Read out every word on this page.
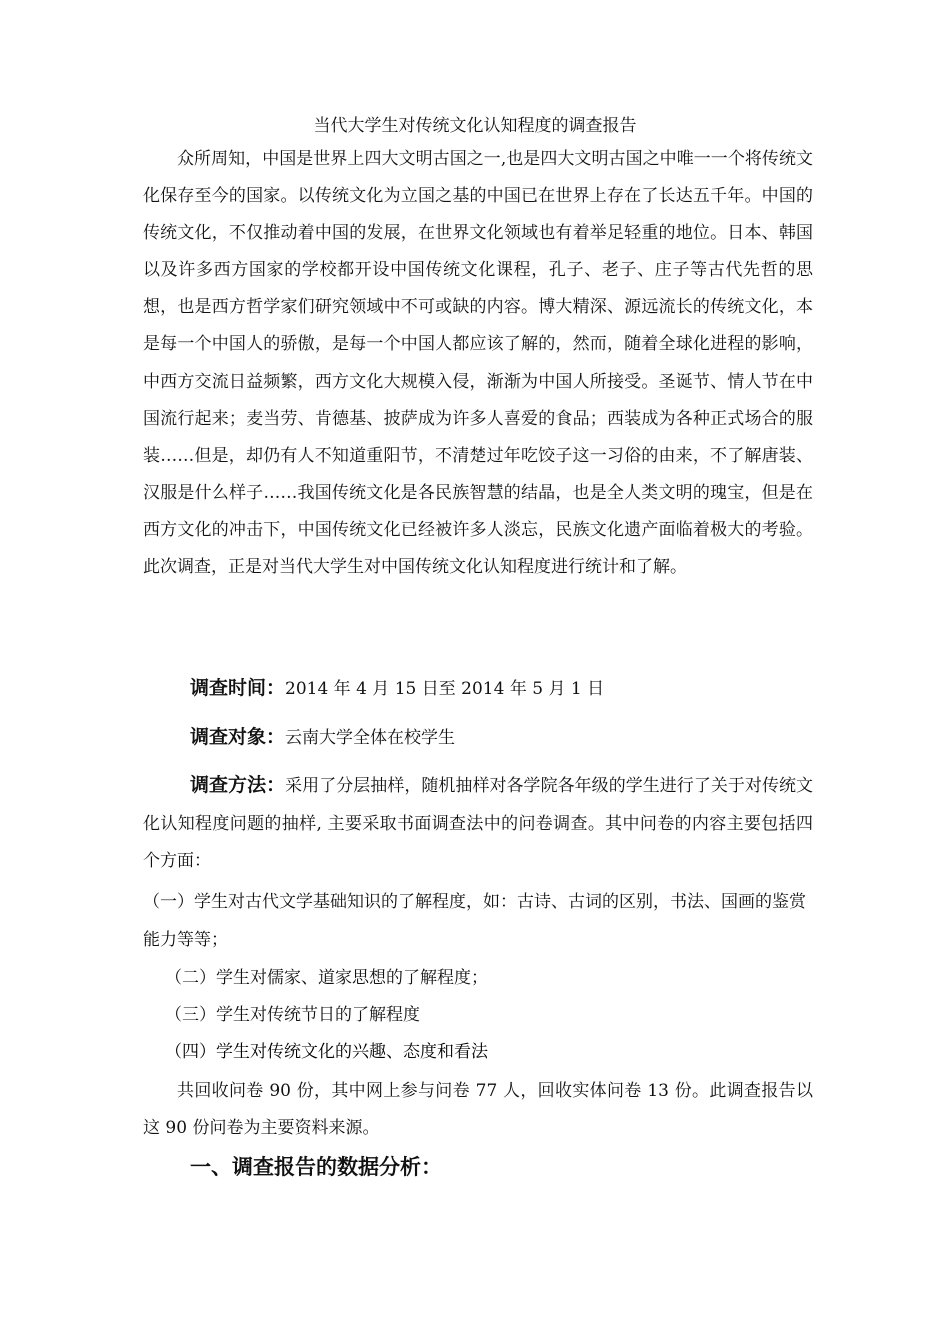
当代大学生对传统文化认知程度的调查报告

众所周知，中国是世界上四大文明古国之一,也是四大文明古国之中唯一一个将传统文化保存至今的国家。以传统文化为立国之基的中国已在世界上存在了长达五千年。中国的传统文化，不仅推动着中国的发展，在世界文化领域也有着举足轻重的地位。日本、韩国以及许多西方国家的学校都开设中国传统文化课程，孔子、老子、庄子等古代先哲的思想，也是西方哲学家们研究领域中不可或缺的内容。博大精深、源远流长的传统文化，本是每一个中国人的骄傲，是每一个中国人都应该了解的，然而，随着全球化进程的影响，中西方交流日益频繁，西方文化大规模入侵，渐渐为中国人所接受。圣诞节、情人节在中国流行起来；麦当劳、肯德基、披萨成为许多人喜爱的食品；西装成为各种正式场合的服装……但是，却仍有人不知道重阳节，不清楚过年吃饺子这一习俗的由来，不了解唐装、汉服是什么样子……我国传统文化是各民族智慧的结晶，也是全人类文明的瑰宝，但是在西方文化的冲击下，中国传统文化已经被许多人淡忘，民族文化遗产面临着极大的考验。此次调查，正是对当代大学生对中国传统文化认知程度进行统计和了解。

调查时间：2014 年 4 月 15 日至 2014 年 5 月 1 日

调查对象：云南大学全体在校学生

调查方法：采用了分层抽样，随机抽样对各学院各年级的学生进行了关于对传统文化认知程度问题的抽样, 主要采取书面调查法中的问卷调查。其中问卷的内容主要包括四个方面：

（一）学生对古代文学基础知识的了解程度，如：古诗、古词的区别，书法、国画的鉴赏能力等等；

（二）学生对儒家、道家思想的了解程度；

（三）学生对传统节日的了解程度

共回收问卷 90 份，其中网上参与问卷 77 人，回收实体问卷 13 份。此调查报告以这 90 份问卷为主要资料来源。

一、调查报告的数据分析：

（四）学生对传统文化的兴趣、态度和看法
